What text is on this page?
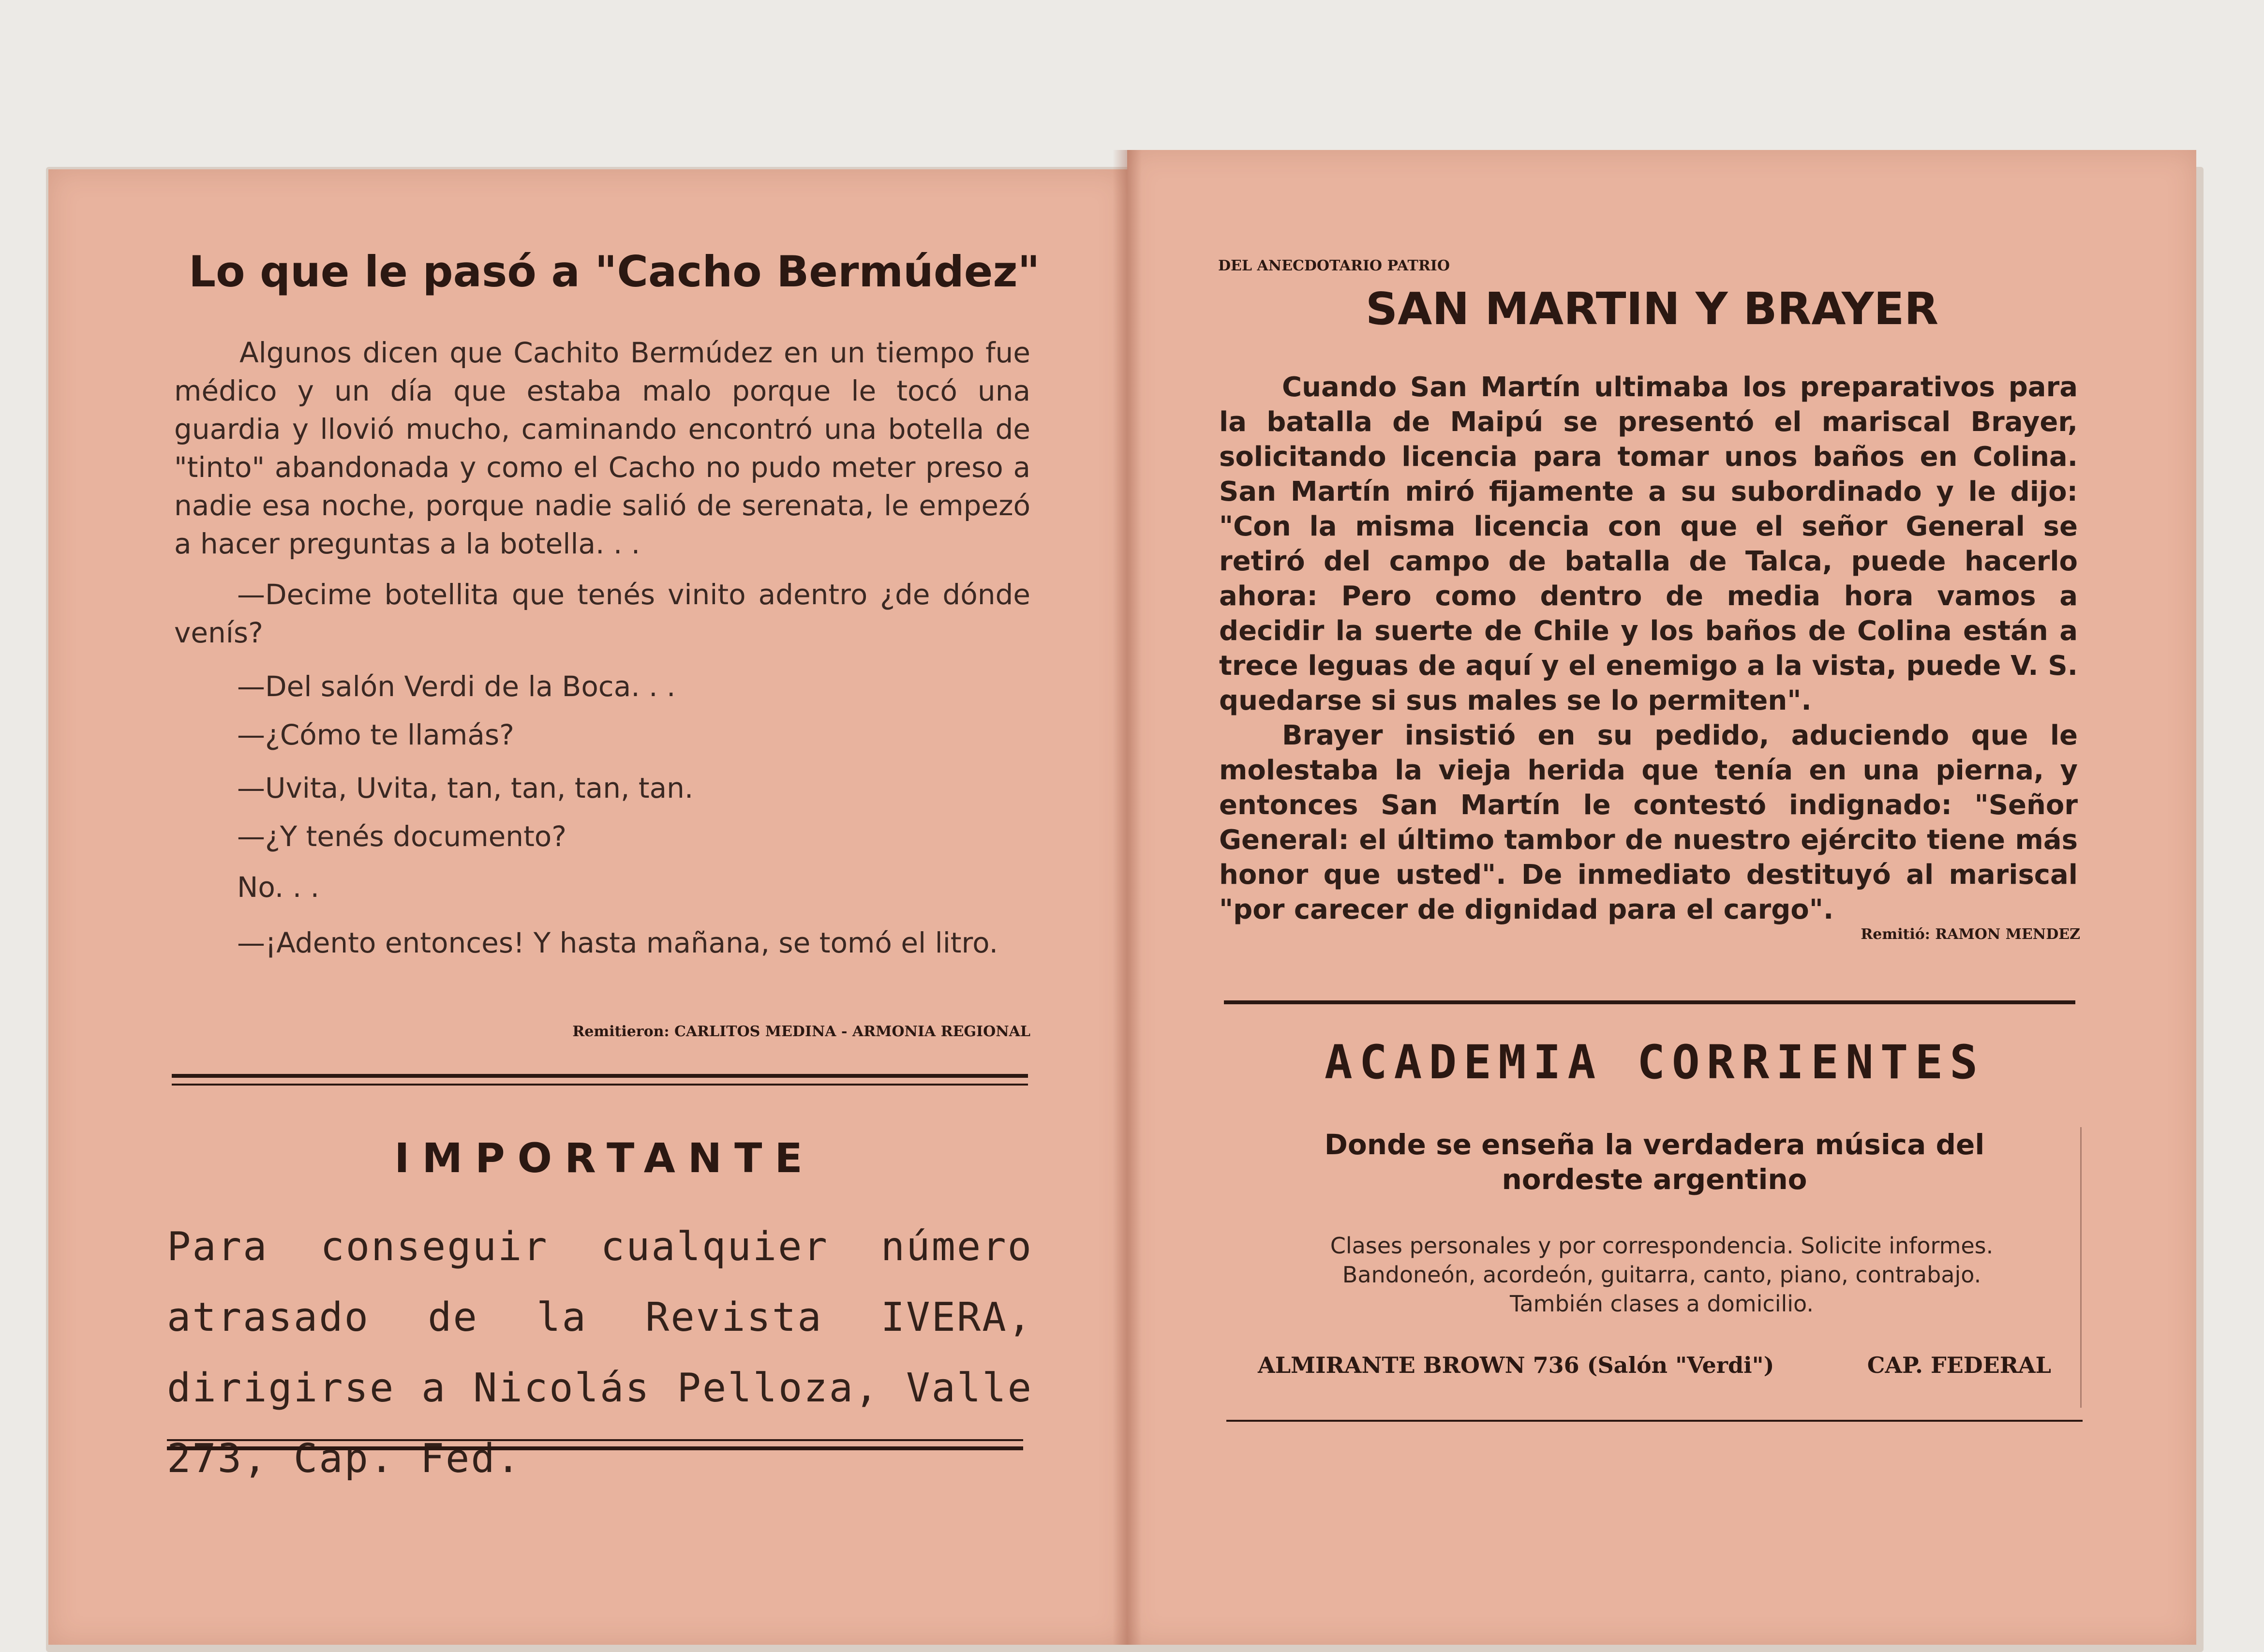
Lo que le pasó a "Cacho Bermúdez"

Algunos dicen que Cachito Bermúdez en un tiempo fue médico y un día que estaba malo porque le tocó una guardia y llovió mucho, caminando encontró una botella de "tinto" abandonada y como el Cacho no pudo meter preso a nadie esa noche, porque nadie salió de serenata, le empezó a hacer preguntas a la botella. . .

—Decime botellita que tenés vinito adentro ¿de dónde venís?

—Del salón Verdi de la Boca. . .

—¿Cómo te llamás?

—Uvita, Uvita, tan, tan, tan, tan.

—¿Y tenés documento?

No. . .

—¡Adento entonces! Y hasta mañana, se tomó el litro.

Remitieron: CARLITOS MEDINA - ARMONIA REGIONAL
IMPORTANTE

Para conseguir cualquier número atrasado de la Revista IVERA, dirigirse a Nicolás Pelloza, Valle 273, Cap. Fed.

DEL ANECDOTARIO PATRIO
SAN MARTIN Y BRAYER

Cuando San Martín ultimaba los preparativos para la batalla de Maipú se presentó el mariscal Brayer, solicitando licencia para tomar unos baños en Colina. San Martín miró fijamente a su subordinado y le dijo: "Con la misma licencia con que el señor General se retiró del campo de batalla de Talca, puede hacerlo ahora: Pero como dentro de media hora vamos a decidir la suerte de Chile y los baños de Colina están a trece leguas de aquí y el enemigo a la vista, puede V. S. quedarse si sus males se lo permiten".

Brayer insistió en su pedido, aduciendo que le molestaba la vieja herida que tenía en una pierna, y entonces San Martín le contestó indignado: "Señor General: el último tambor de nuestro ejército tiene más honor que usted". De inmediato destituyó al mariscal "por carecer de dignidad para el cargo".

Remitió: RAMON MENDEZ
ACADEMIA CORRIENTES
Donde se enseña la verdadera música del nordeste argentino
Clases personales y por correspondencia. Solicite informes.
Bandoneón, acordeón, guitarra, canto, piano, contrabajo.
También clases a domicilio.
ALMIRANTE BROWN 736 (Salón "Verdi")	CAP. FEDERAL
